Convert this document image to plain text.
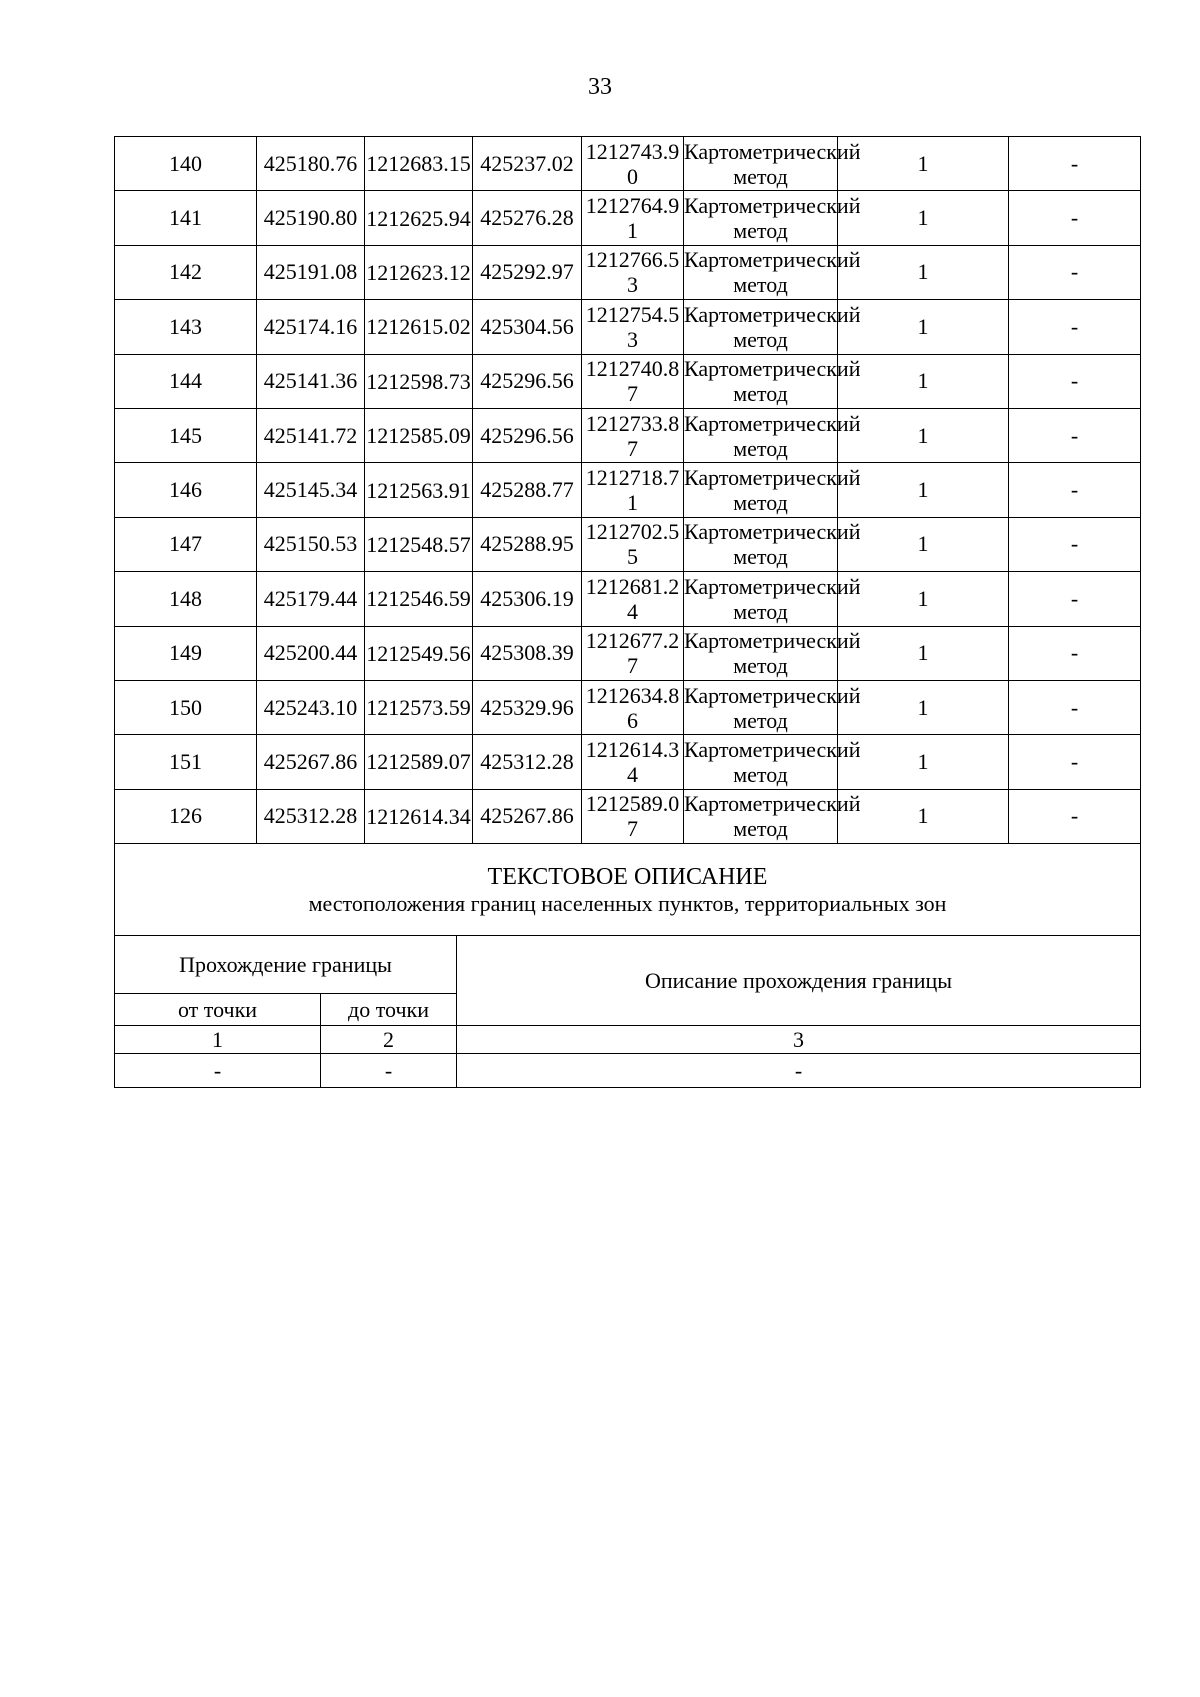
33
140	425180.76	1212683.15	425237.02	1212743.90	Картометрический метод	1	-
141	425190.80	1212625.94	425276.28	1212764.91	Картометрический метод	1	-
142	425191.08	1212623.12	425292.97	1212766.53	Картометрический метод	1	-
143	425174.16	1212615.02	425304.56	1212754.53	Картометрический метод	1	-
144	425141.36	1212598.73	425296.56	1212740.87	Картометрический метод	1	-
145	425141.72	1212585.09	425296.56	1212733.87	Картометрический метод	1	-
146	425145.34	1212563.91	425288.77	1212718.71	Картометрический метод	1	-
147	425150.53	1212548.57	425288.95	1212702.55	Картометрический метод	1	-
148	425179.44	1212546.59	425306.19	1212681.24	Картометрический метод	1	-
149	425200.44	1212549.56	425308.39	1212677.27	Картометрический метод	1	-
150	425243.10	1212573.59	425329.96	1212634.86	Картометрический метод	1	-
151	425267.86	1212589.07	425312.28	1212614.34	Картометрический метод	1	-
126	425312.28	1212614.34	425267.86	1212589.07	Картометрический метод	1	-

ТЕКСТОВОЕ ОПИСАНИЕ
местоположения границ населенных пунктов, территориальных зон							
Прохождение границы		Описание прохождения границы
от точки	до точки	
1	2	3
-	-	-
